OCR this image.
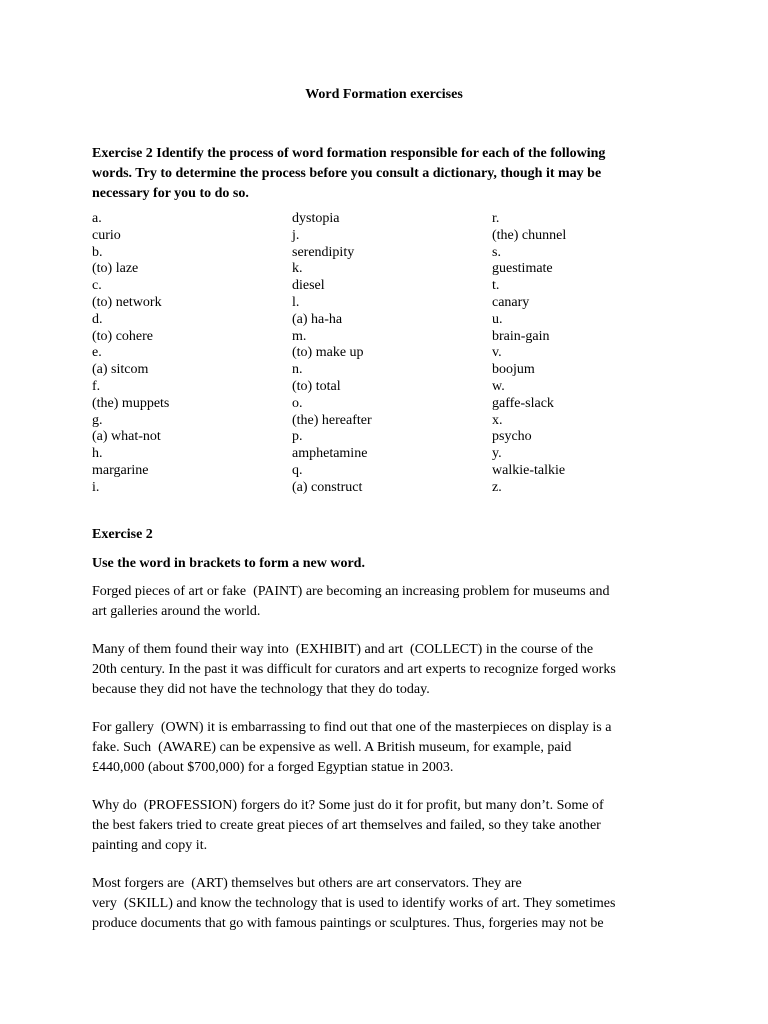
Word Formation exercises
Exercise 2 Identify the process of word formation responsible for each of the following
words. Try to determine the process before you consult a dictionary, though it may be
necessary for you to do so.
a.
curio
b.
(to) laze
c.
(to) network
d.
(to) cohere
e.
(a) sitcom
f.
(the) muppets
g.
(a) what-not
h.
margarine
i.
dystopia
j.
serendipity
k.
diesel
l.
(a) ha-ha
m.
(to) make up
n.
(to) total
o.
(the) hereafter
p.
amphetamine
q.
(a) construct
r.
(the) chunnel
s.
guestimate
t.
canary
u.
brain-gain
v.
boojum
w.
gaffe-slack
x.
psycho
y.
walkie-talkie
z.
Exercise 2
Use the word in brackets to form a new word.

Forged pieces of art or fake  (PAINT) are becoming an increasing problem for museums and
art galleries around the world.

Many of them found their way into  (EXHIBIT) and art  (COLLECT) in the course of the
20th century. In the past it was difficult for curators and art experts to recognize forged works
because they did not have the technology that they do today.

For gallery  (OWN) it is embarrassing to find out that one of the masterpieces on display is a
fake. Such  (AWARE) can be expensive as well. A British museum, for example, paid
£440,000 (about $700,000) for a forged Egyptian statue in 2003.

Why do  (PROFESSION) forgers do it? Some just do it for profit, but many don’t. Some of
the best fakers tried to create great pieces of art themselves and failed, so they take another
painting and copy it.

Most forgers are  (ART) themselves but others are art conservators. They are
very  (SKILL) and know the technology that is used to identify works of art. They sometimes
produce documents that go with famous paintings or sculptures. Thus, forgeries may not be
